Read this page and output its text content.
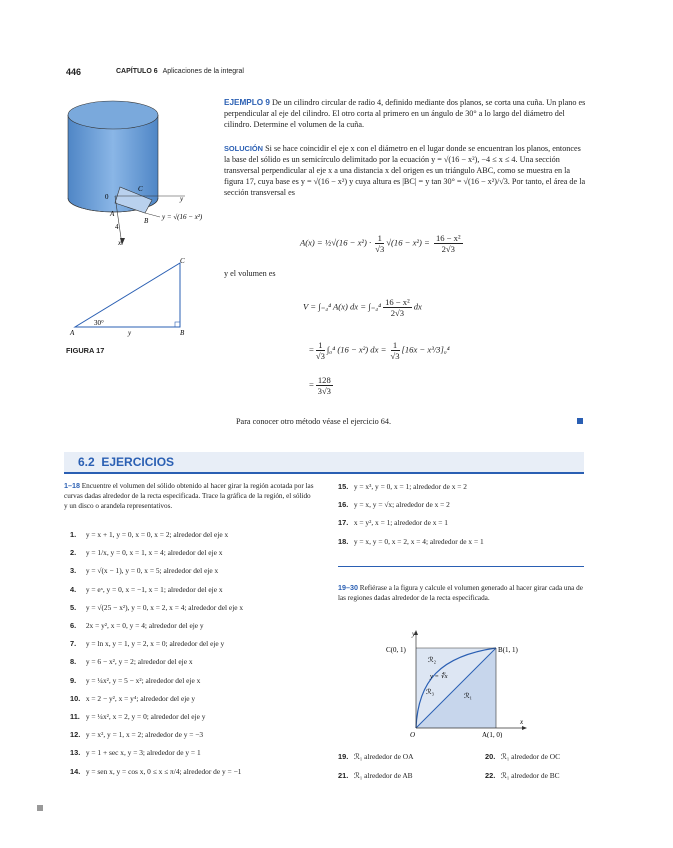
446	CAPÍTULO 6 Aplicaciones de la integral
0
4
x
y
A
B
C
y = √(16 − x²)
A	B
C
y
30°
FIGURA 17
EJEMPLO 9 De un cilindro circular de radio 4, definido mediante dos planos, se corta una cuña. Un plano es perpendicular al eje del cilindro. El otro corta al primero en un ángulo de 30° a lo largo del diámetro del cilindro. Determine el volumen de la cuña.
SOLUCIÓN Si se hace coincidir el eje x con el diámetro en el lugar donde se encuentran los planos, entonces la base del sólido es un semicírculo delimitado por la ecuación y = √(16 − x²), −4 ≤ x ≤ 4. Una sección transversal perpendicular al eje x a una distancia x del origen es un triángulo ABC, como se muestra en la figura 17, cuya base es y = √(16 − x²) y cuya altura es |BC| = y tan 30° = √(16 − x²)/√3. Por tanto, el área de la sección transversal es
A(x) = ½√(16 − $x^2) \cdot \frac{1}{√3} √(16 - x^2) = \frac{\text{16 − x²}}{2√3}$
y el volumen es
V = ∫₋₄⁴ A(x) dx = $\int_{-4}^4 \frac{\text{16 − x²}}{2√3}$ dx
= $\frac{1}{√3} \int_0^4$ (16 − x²) dx = $\frac{1}{√3} [16x - x^3/3]_0^4$
= $\frac{128}{3√3}$
Para conocer otro método véase el ejercicio 64.
6.2 EJERCICIOS
1–18 Encuentre el volumen del sólido obtenido al hacer girar la región acotada por las curvas dadas alrededor de la recta especificada. Trace la gráfica de la región, el sólido y un disco o arandela representativos.
1. y = x + 1, y = 0, x = 0, x = 2; alrededor del eje x
2. y = 1/x, y = 0, x = 1, x = 4; alrededor del eje x
3. y = √(x − 1), y = 0, x = 5; alrededor del eje x
4. y = eˣ, y = 0, x = −1, x = 1; alrededor del eje x
5. y = √(25 − x²), y = 0, x = 2, x = 4; alrededor del eje x
6. 2x = y², x = 0, y = 4; alrededor del eje y
7. y = ln x, y = 1, y = 2, x = 0; alrededor del eje y
8. y = 6 − x², y = 2; alrededor del eje x
9. y = ¼x², y = 5 − x²; alrededor del eje x
10. x = 2 − y², x = y⁴; alrededor del eje y
11. y = ¼x², x = 2, y = 0; alrededor del eje y
12. y = x², y = 1, x = 2; alrededor de y = −3
13. y = 1 + sec x, y = 3; alrededor de y = 1
14. y = sen x, y = cos x, 0 ≤ x ≤ π/4; alrededor de y = −1
15. y = x³, y = 0, x = 1; alrededor de x = 2
16. y = x, y = √x; alrededor de x = 2
17. x = y², x = 1; alrededor de x = 1
18. y = x, y = 0, x = 2, x = 4; alrededor de x = 1
19–30 Refiérase a la figura y calcule el volumen generado al hacer girar cada una de las regiones dadas alrededor de la recta especificada.
y
x
O
C(0, 1)	B(1, 1)
A(1, 0)
ℛ₂
ℛ₃	ℛ₁
y = ∜x
19. ℛ₁ alrededor de OA	20. ℛ₁ alrededor de OC
21. ℛ₁ alrededor de AB	22. ℛ₁ alrededor de BC
